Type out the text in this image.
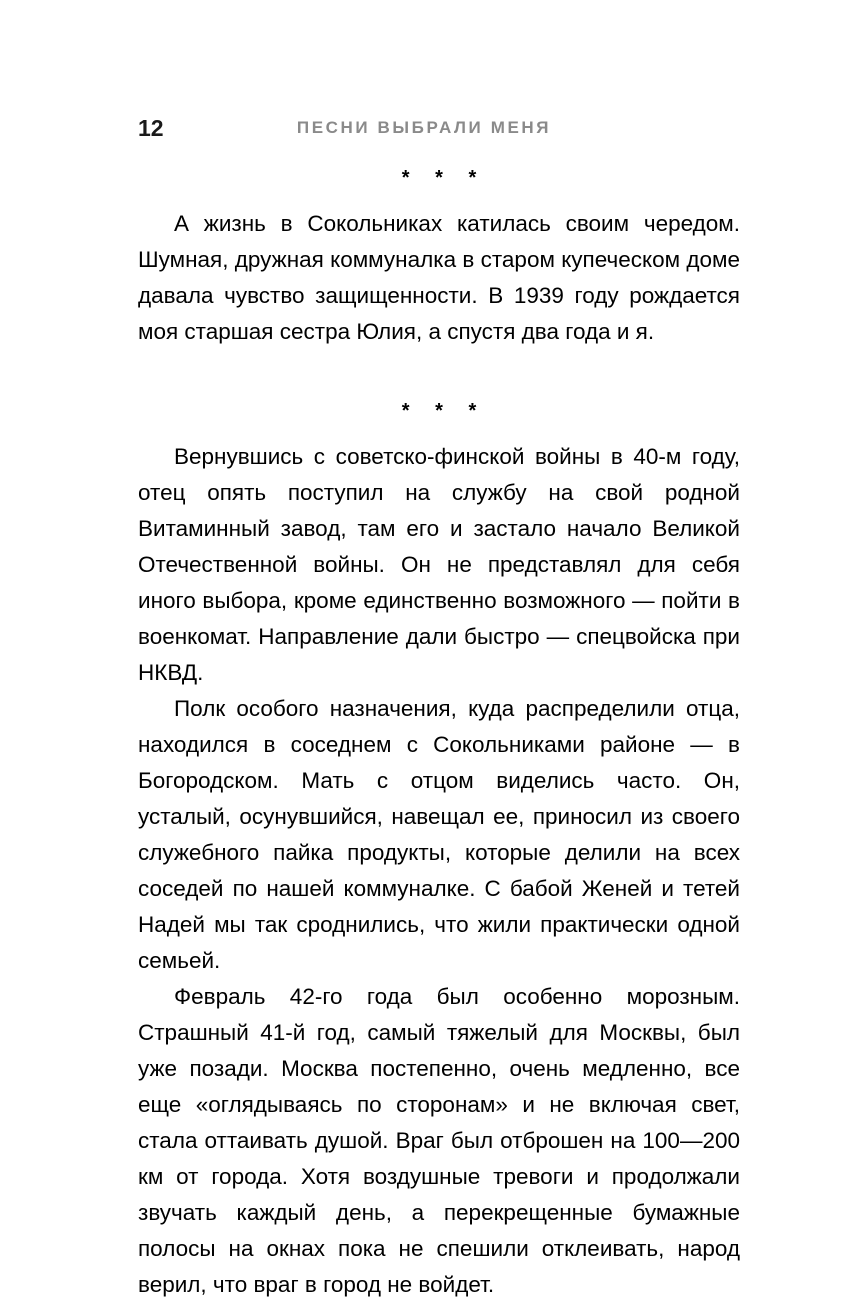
12	ПЕСНИ ВЫБРАЛИ МЕНЯ
* * *

А жизнь в Сокольниках катилась своим чередом. Шумная, дружная коммуналка в старом купеческом доме давала чувство защищенности. В 1939 году рождается моя старшая сестра Юлия, а спустя два года и я.

* * *

Вернувшись с советско-финской войны в 40-м году, отец опять поступил на службу на свой родной Витаминный завод, там его и застало начало Великой Отечественной войны. Он не представлял для себя иного выбора, кроме единственно возможного — пойти в военкомат. Направление дали быстро — спецвойска при НКВД.

Полк особого назначения, куда распределили отца, находился в соседнем с Сокольниками районе — в Богородском. Мать с отцом виделись часто. Он, усталый, осунувшийся, навещал ее, приносил из своего служебного пайка продукты, которые делили на всех соседей по нашей коммуналке. С бабой Женей и тетей Надей мы так сроднились, что жили практически одной семьей.

Февраль 42-го года был особенно морозным. Страшный 41-й год, самый тяжелый для Москвы, был уже позади. Москва постепенно, очень медленно, все еще «оглядываясь по сторонам» и не включая свет, стала оттаивать душой. Враг был отброшен на 100—200 км от города. Хотя воздушные тревоги и продолжали звучать каждый день, а перекрещенные бумажные полосы на окнах пока не спешили отклеивать, народ верил, что враг в город не войдет.
